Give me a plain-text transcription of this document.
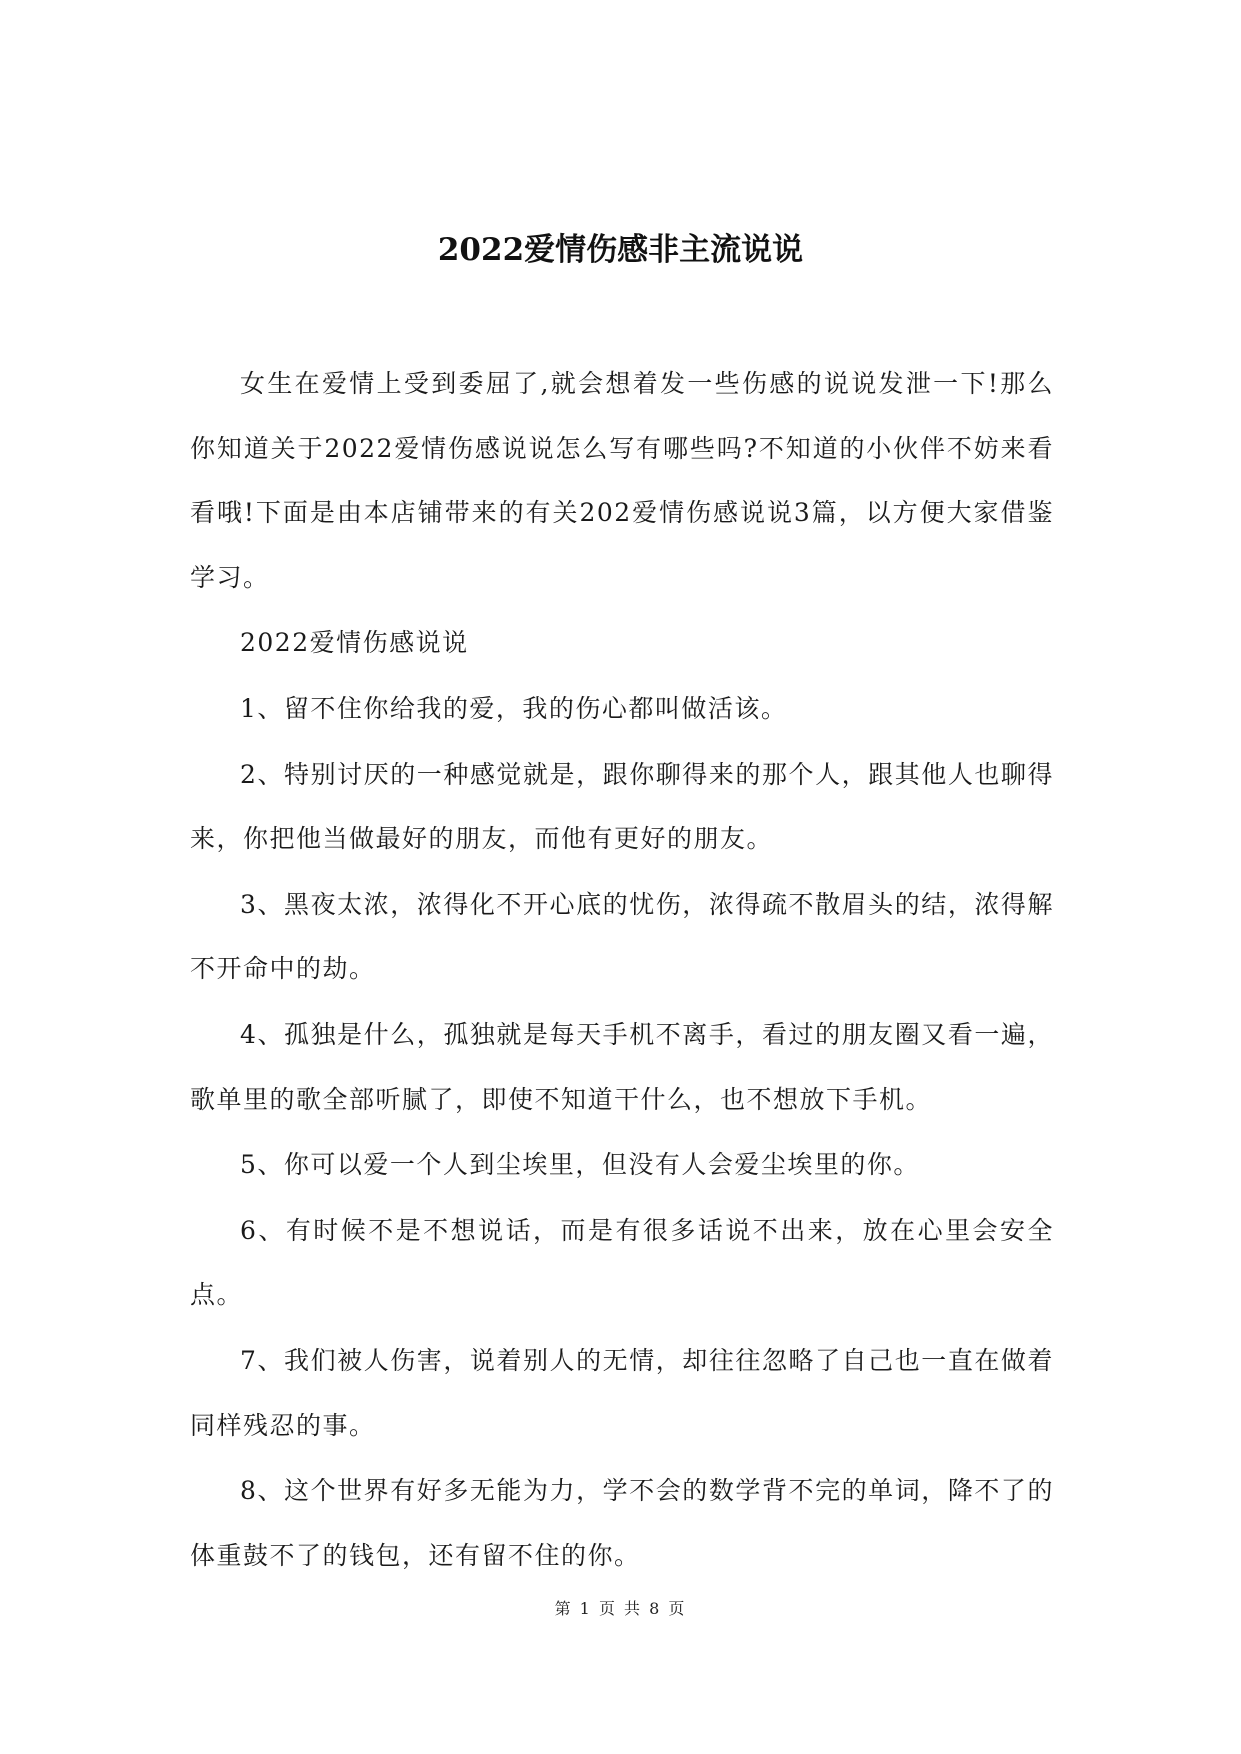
2022爱情伤感非主流说说

女生在爱情上受到委屈了,就会想着发一些伤感的说说发泄一下!那么你知道关于2022爱情伤感说说怎么写有哪些吗?不知道的小伙伴不妨来看看哦!下面是由本店铺带来的有关202爱情伤感说说3篇，以方便大家借鉴学习。

2022爱情伤感说说

1、留不住你给我的爱，我的伤心都叫做活该。

2、特别讨厌的一种感觉就是，跟你聊得来的那个人，跟其他人也聊得来，你把他当做最好的朋友，而他有更好的朋友。

3、黑夜太浓，浓得化不开心底的忧伤，浓得疏不散眉头的结，浓得解不开命中的劫。

4、孤独是什么，孤独就是每天手机不离手，看过的朋友圈又看一遍，歌单里的歌全部听腻了，即使不知道干什么，也不想放下手机。

5、你可以爱一个人到尘埃里，但没有人会爱尘埃里的你。

6、有时候不是不想说话，而是有很多话说不出来，放在心里会安全点。

7、我们被人伤害，说着别人的无情，却往往忽略了自己也一直在做着同样残忍的事。

8、这个世界有好多无能为力，学不会的数学背不完的单词，降不了的体重鼓不了的钱包，还有留不住的你。

第 1 页 共 8 页
